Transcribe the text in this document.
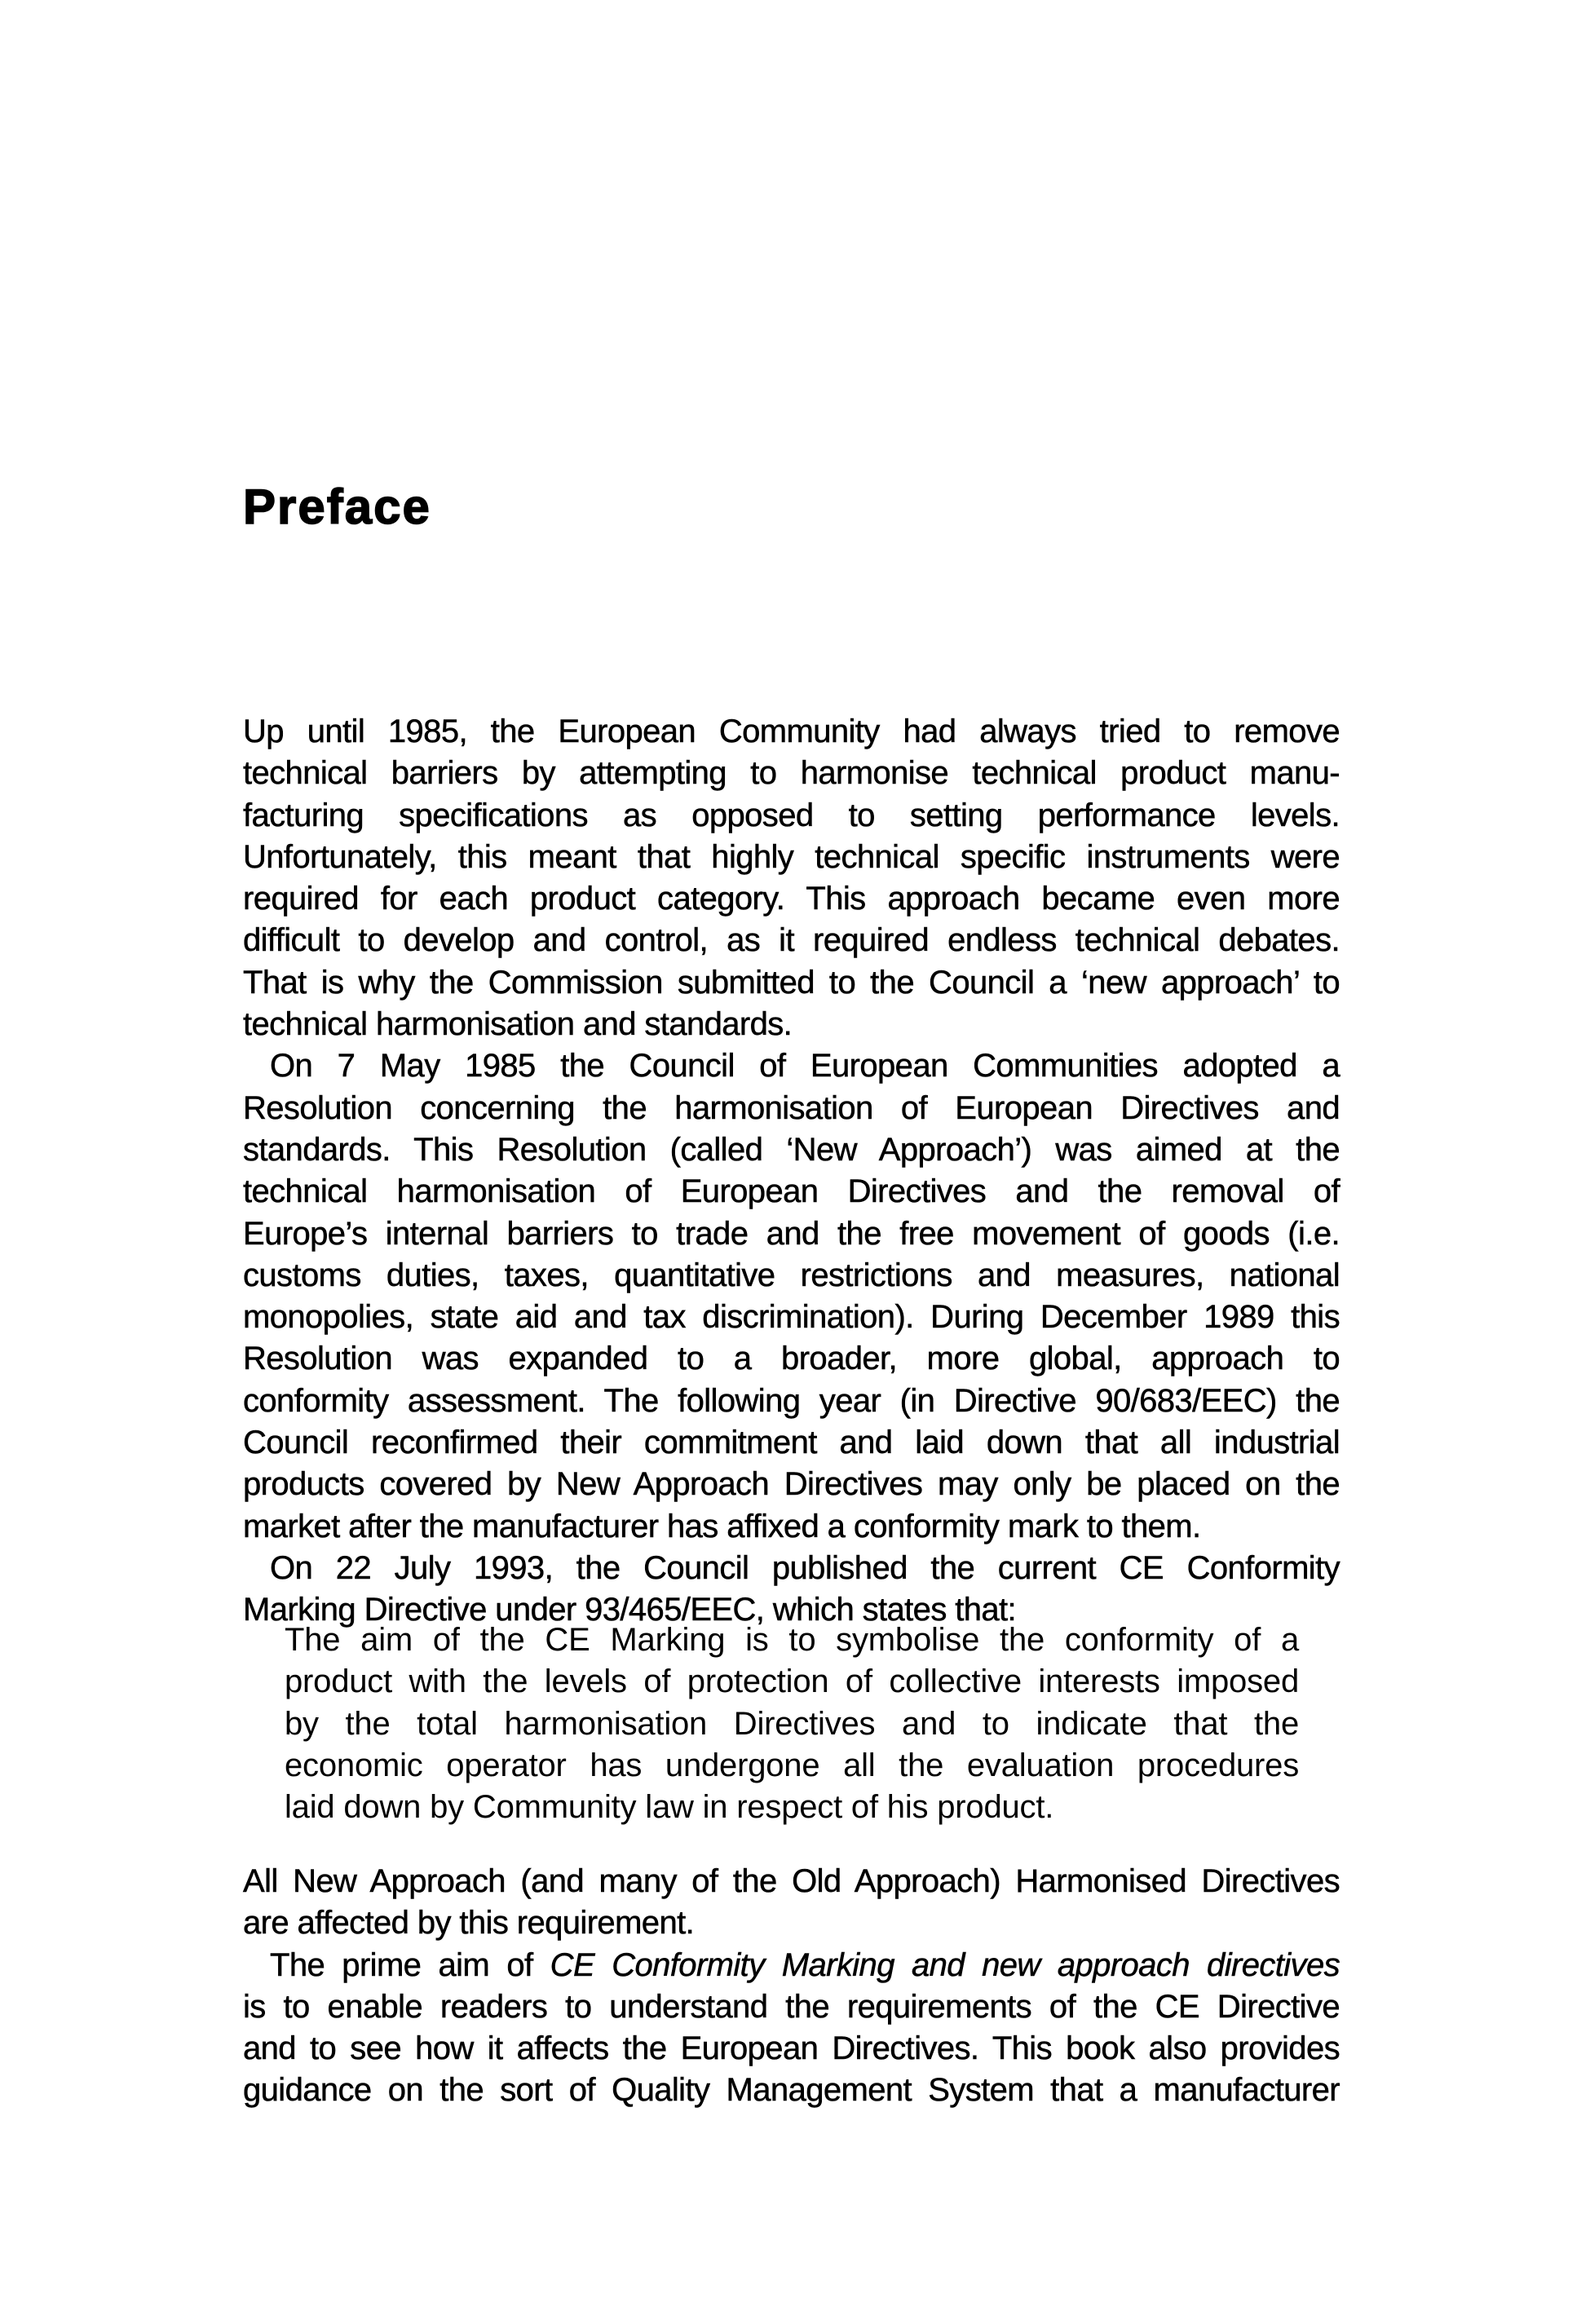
Preface
Up until 1985, the European Community had always tried to remove
technical barriers by attempting to harmonise technical product manu-
facturing specifications as opposed to setting performance levels.
Unfortunately, this meant that highly technical specific instruments were
required for each product category. This approach became even more
difficult to develop and control, as it required endless technical debates.
That is why the Commission submitted to the Council a ‘new approach’ to
technical harmonisation and standards.
On 7 May 1985 the Council of European Communities adopted a
Resolution concerning the harmonisation of European Directives and
standards. This Resolution (called ‘New Approach’) was aimed at the
technical harmonisation of European Directives and the removal of
Europe’s internal barriers to trade and the free movement of goods (i.e.
customs duties, taxes, quantitative restrictions and measures, national
monopolies, state aid and tax discrimination). During December 1989 this
Resolution was expanded to a broader, more global, approach to
conformity assessment. The following year (in Directive 90/683/EEC) the
Council reconfirmed their commitment and laid down that all industrial
products covered by New Approach Directives may only be placed on the
market after the manufacturer has affixed a conformity mark to them.
On 22 July 1993, the Council published the current CE Conformity
Marking Directive under 93/465/EEC, which states that:
The aim of the CE Marking is to symbolise the conformity of a
product with the levels of protection of collective interests imposed
by the total harmonisation Directives and to indicate that the
economic operator has undergone all the evaluation procedures
laid down by Community law in respect of his product.
All New Approach (and many of the Old Approach) Harmonised Directives
are affected by this requirement.
The prime aim of CE Conformity Marking and new approach directives
is to enable readers to understand the requirements of the CE Directive
and to see how it affects the European Directives. This book also provides
guidance on the sort of Quality Management System that a manufacturer
